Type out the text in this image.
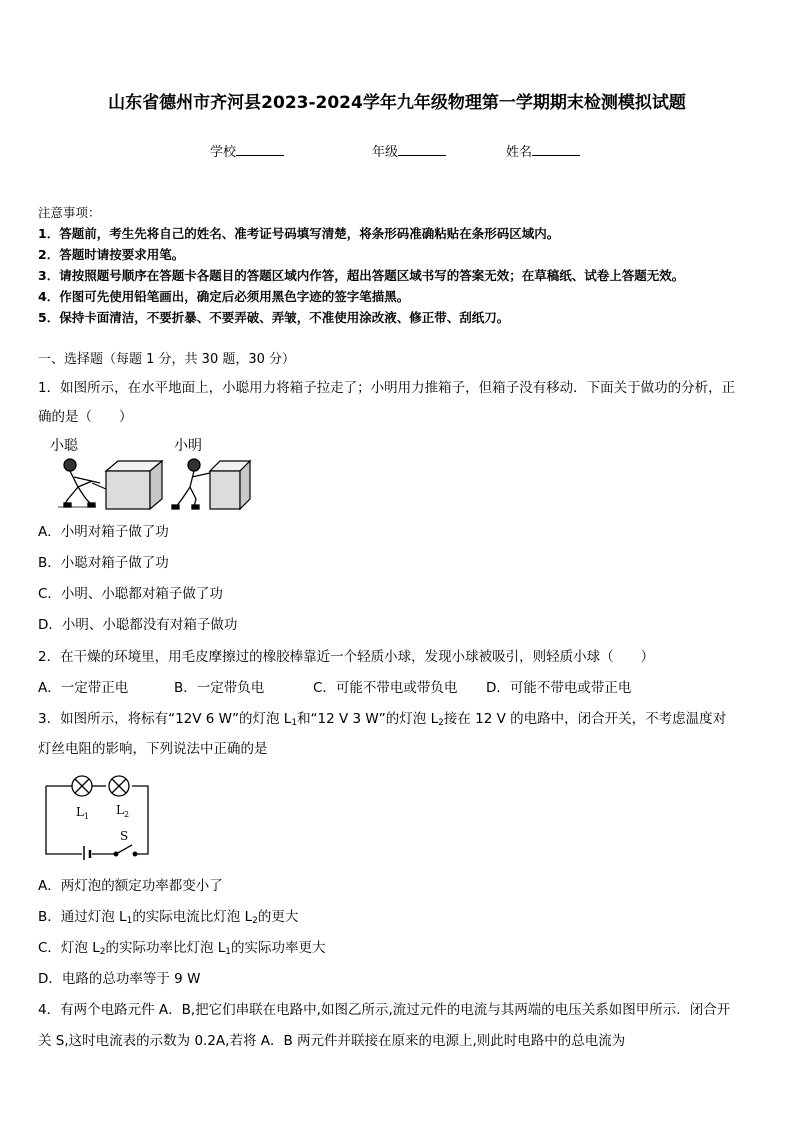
山东省德州市齐河县2023-2024学年九年级物理第一学期期末检测模拟试题
学校	年级	姓名
注意事项：
1．答题前，考生先将自己的姓名、准考证号码填写清楚，将条形码准确粘贴在条形码区域内。
2．答题时请按要求用笔。
3．请按照题号顺序在答题卡各题目的答题区域内作答，超出答题区域书写的答案无效；在草稿纸、试卷上答题无效。
4．作图可先使用铅笔画出，确定后必须用黑色字迹的签字笔描黑。
5．保持卡面清洁，不要折暴、不要弄破、弄皱，不准使用涂改液、修正带、刮纸刀。
一、选择题（每题 1 分，共 30 题，30 分）
1．如图所示，在水平地面上，小聪用力将箱子拉走了；小明用力推箱子，但箱子没有移动．下面关于做功的分析，正
确的是（　　）
小聪	小明
A．小明对箱子做了功
B．小聪对箱子做了功
C．小明、小聪都对箱子做了功
D．小明、小聪都没有对箱子做功
2．在干燥的环境里，用毛皮摩擦过的橡胶棒靠近一个轻质小球，发现小球被吸引，则轻质小球（　　）
A．一定带正电	B．一定带负电	C．可能不带电或带负电 D．可能不带电或带正电
3．如图所示，将标有“12V 6 W”的灯泡 $L_1$和“12 V 3 W”的灯泡 $L_2$接在 12 V 的电路中，闭合开关，不考虑温度对
灯丝电阻的影响，下列说法中正确的是
$L_1$ $L_2$
S
A．两灯泡的额定功率都变小了
B．通过灯泡 $L_1$的实际电流比灯泡 $L_2$的更大
C．灯泡 $L_2$的实际功率比灯泡 $L_1$的实际功率更大
D．电路的总功率等于 9 W
4．有两个电路元件 A．B,把它们串联在电路中,如图乙所示,流过元件的电流与其两端的电压关系如图甲所示．闭合开
关 S,这时电流表的示数为 0.2A,若将 A．B 两元件并联接在原来的电源上,则此时电路中的总电流为
